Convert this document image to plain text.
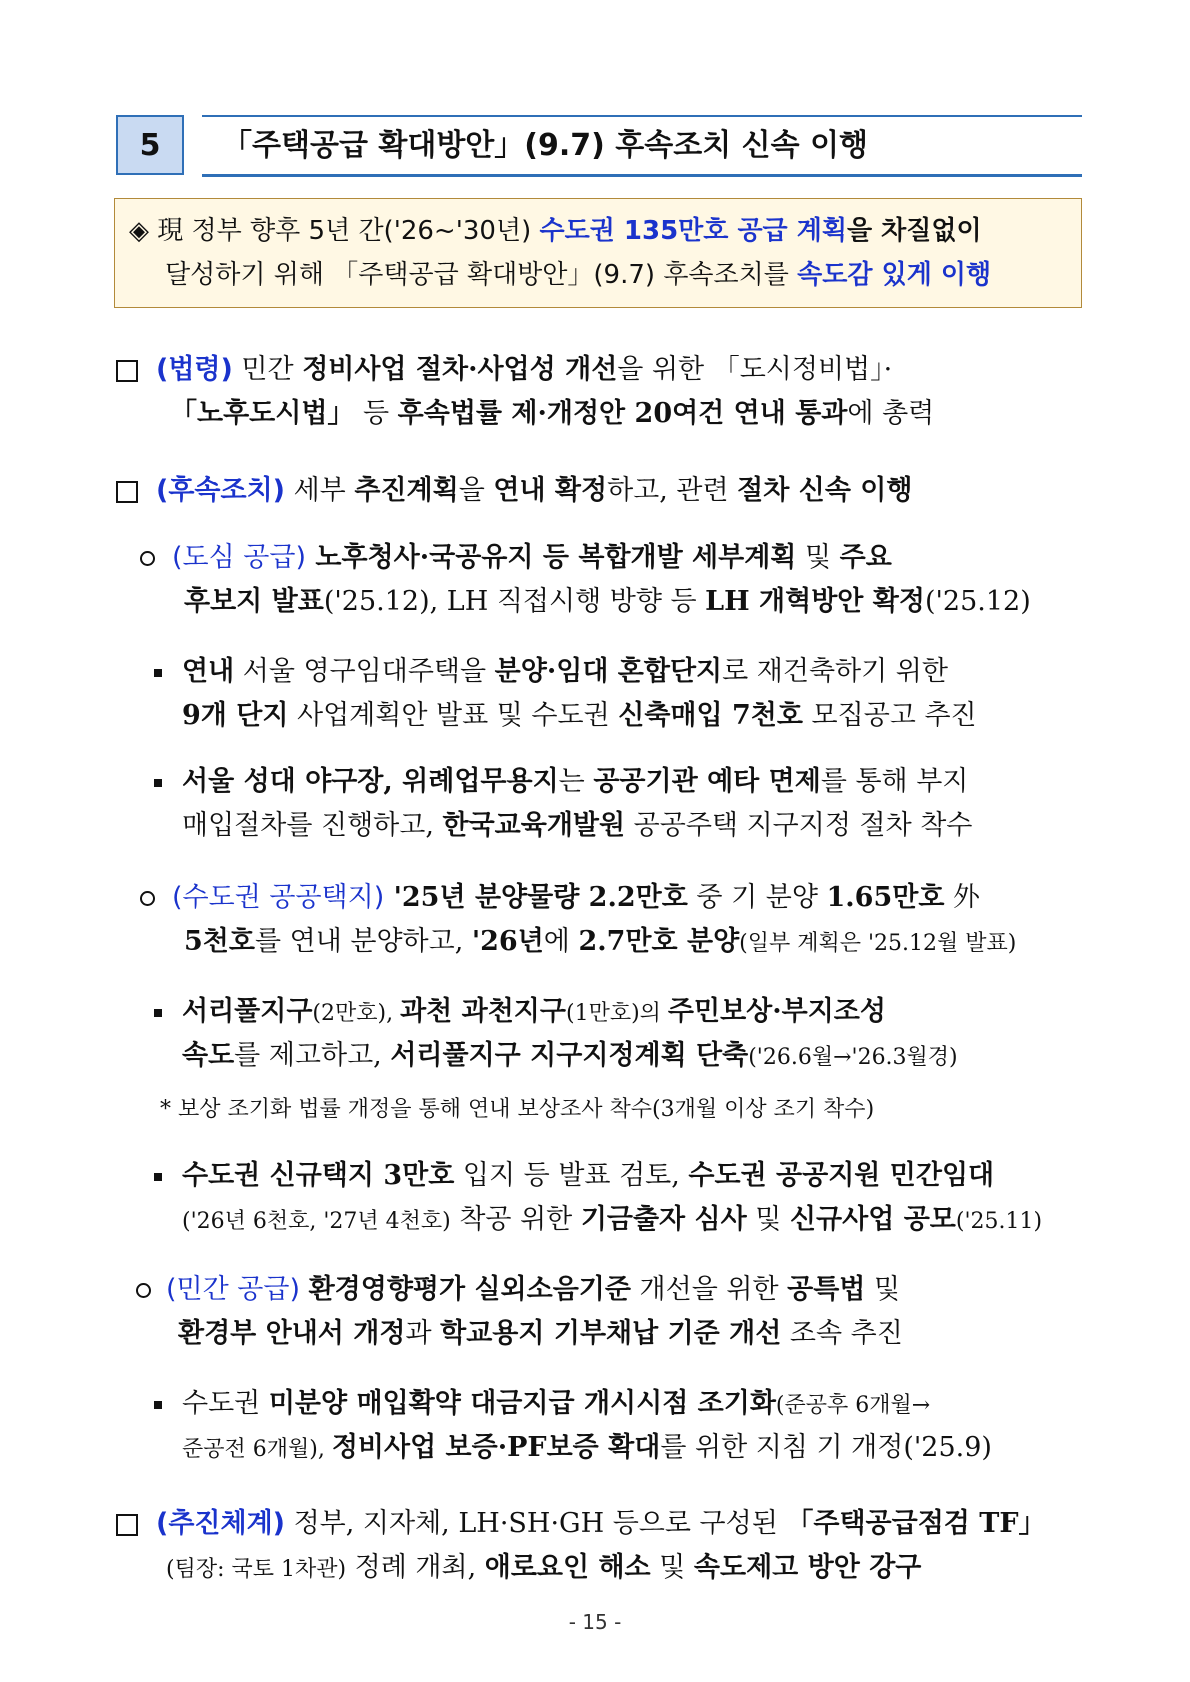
5 「주택공급 확대방안」(9.7) 후속조치 신속 이행
◈ 現 정부 향후 5년 간('26~'30년) 수도권 135만호 공급 계획을 차질없이
달성하기 위해 「주택공급 확대방안」(9.7) 후속조치를 속도감 있게 이행
(법령) 민간 정비사업 절차·사업성 개선을 위한 「도시정비법」·
「노후도시법」 등 후속법률 제·개정안 20여건 연내 통과에 총력
(후속조치) 세부 추진계획을 연내 확정하고, 관련 절차 신속 이행
(도심 공급) 노후청사·국공유지 등 복합개발 세부계획 및 주요
후보지 발표('25.12), LH 직접시행 방향 등 LH 개혁방안 확정('25.12)
연내 서울 영구임대주택을 분양·임대 혼합단지로 재건축하기 위한
9개 단지 사업계획안 발표 및 수도권 신축매입 7천호 모집공고 추진
서울 성대 야구장, 위례업무용지는 공공기관 예타 면제를 통해 부지
매입절차를 진행하고, 한국교육개발원 공공주택 지구지정 절차 착수
(수도권 공공택지) '25년 분양물량 2.2만호 중 기 분양 1.65만호 外
5천호를 연내 분양하고, '26년에 2.7만호 분양(일부 계획은 '25.12월 발표)
서리풀지구(2만호), 과천 과천지구(1만호)의 주민보상·부지조성
속도를 제고하고, 서리풀지구 지구지정계획 단축('26.6월→'26.3월경)
* 보상 조기화 법률 개정을 통해 연내 보상조사 착수(3개월 이상 조기 착수)
수도권 신규택지 3만호 입지 등 발표 검토, 수도권 공공지원 민간임대
('26년 6천호, '27년 4천호) 착공 위한 기금출자 심사 및 신규사업 공모('25.11)
(민간 공급) 환경영향평가 실외소음기준 개선을 위한 공특법 및
환경부 안내서 개정과 학교용지 기부채납 기준 개선 조속 추진
수도권 미분양 매입확약 대금지급 개시시점 조기화(준공후 6개월→
준공전 6개월), 정비사업 보증·PF보증 확대를 위한 지침 기 개정('25.9)
(추진체계) 정부, 지자체, LH·SH·GH 등으로 구성된 「주택공급점검 TF」
(팀장: 국토 1차관) 정례 개최, 애로요인 해소 및 속도제고 방안 강구
- 15 -
